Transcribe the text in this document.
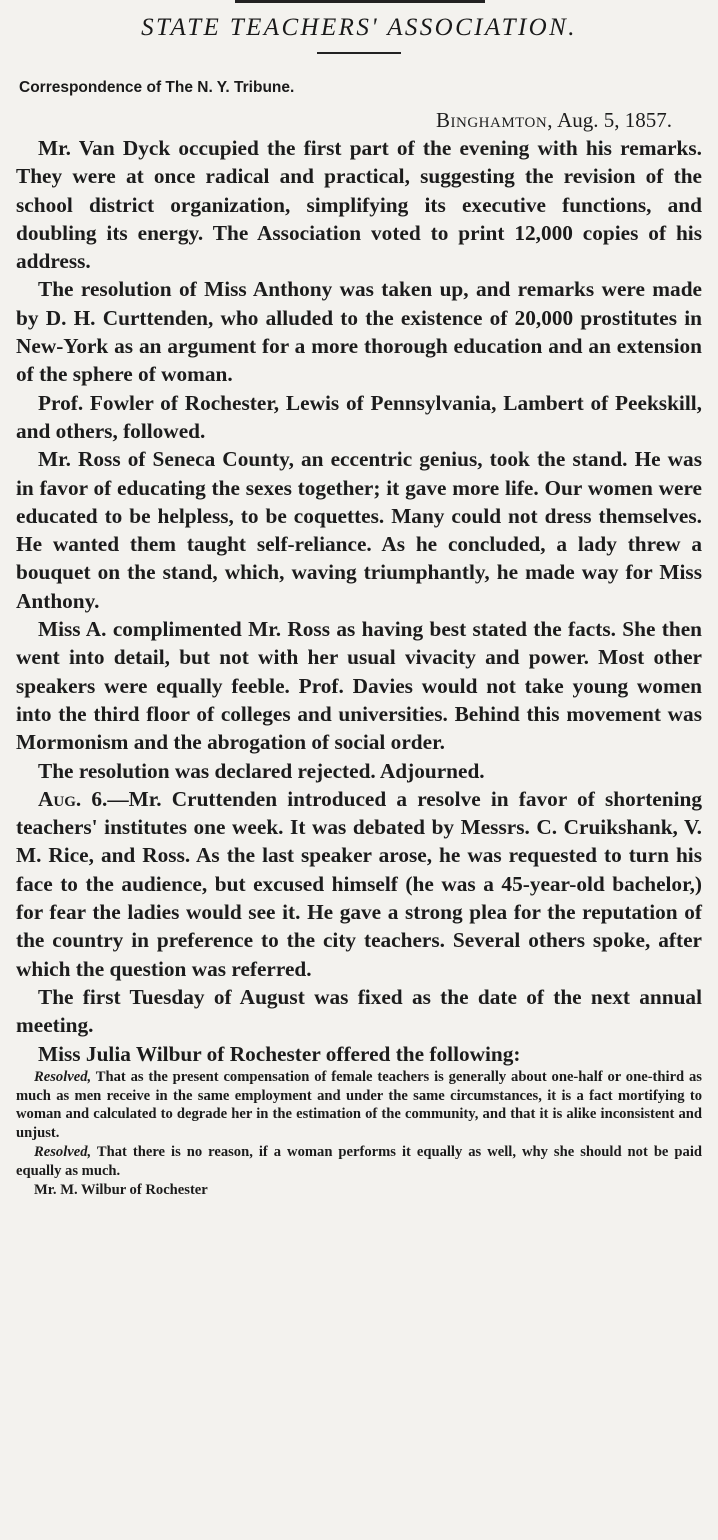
STATE TEACHERS' ASSOCIATION.
Correspondence of The N. Y. Tribune.
Binghamton, Aug. 5, 1857.

Mr. Van Dyck occupied the first part of the evening with his remarks. They were at once radical and practical, suggesting the revision of the school district organization, simplifying its executive functions, and doubling its energy. The Association voted to print 12,000 copies of his address.

The resolution of Miss Anthony was taken up, and remarks were made by D. H. Curttenden, who alluded to the existence of 20,000 prostitutes in New-York as an argument for a more thorough education and an extension of the sphere of woman.

Prof. Fowler of Rochester, Lewis of Pennsylvania, Lambert of Peekskill, and others, followed.

Mr. Ross of Seneca County, an eccentric genius, took the stand. He was in favor of educating the sexes together; it gave more life. Our women were educated to be helpless, to be coquettes. Many could not dress themselves. He wanted them taught self-reliance. As he concluded, a lady threw a bouquet on the stand, which, waving triumphantly, he made way for Miss Anthony.

Miss A. complimented Mr. Ross as having best stated the facts. She then went into detail, but not with her usual vivacity and power. Most other speakers were equally feeble. Prof. Davies would not take young women into the third floor of colleges and universities. Behind this movement was Mormonism and the abrogation of social order.

The resolution was declared rejected. Adjourned.

Aug. 6.—Mr. Cruttenden introduced a resolve in favor of shortening teachers' institutes one week. It was debated by Messrs. C. Cruikshank, V. M. Rice, and Ross. As the last speaker arose, he was requested to turn his face to the audience, but excused himself (he was a 45-year-old bachelor,) for fear the ladies would see it. He gave a strong plea for the reputation of the country in preference to the city teachers. Several others spoke, after which the question was referred.

The first Tuesday of August was fixed as the date of the next annual meeting.

Miss Julia Wilbur of Rochester offered the following:

Resolved, That as the present compensation of female teachers is generally about one-half or one-third as much as men receive in the same employment and under the same circumstances, it is a fact mortifying to woman and calculated to degrade her in the estimation of the community, and that it is alike inconsistent and unjust.

Resolved, That there is no reason, if a woman performs it equally as well, why she should not be paid equally as much.

Mr. M. Wilbur of Rochester
